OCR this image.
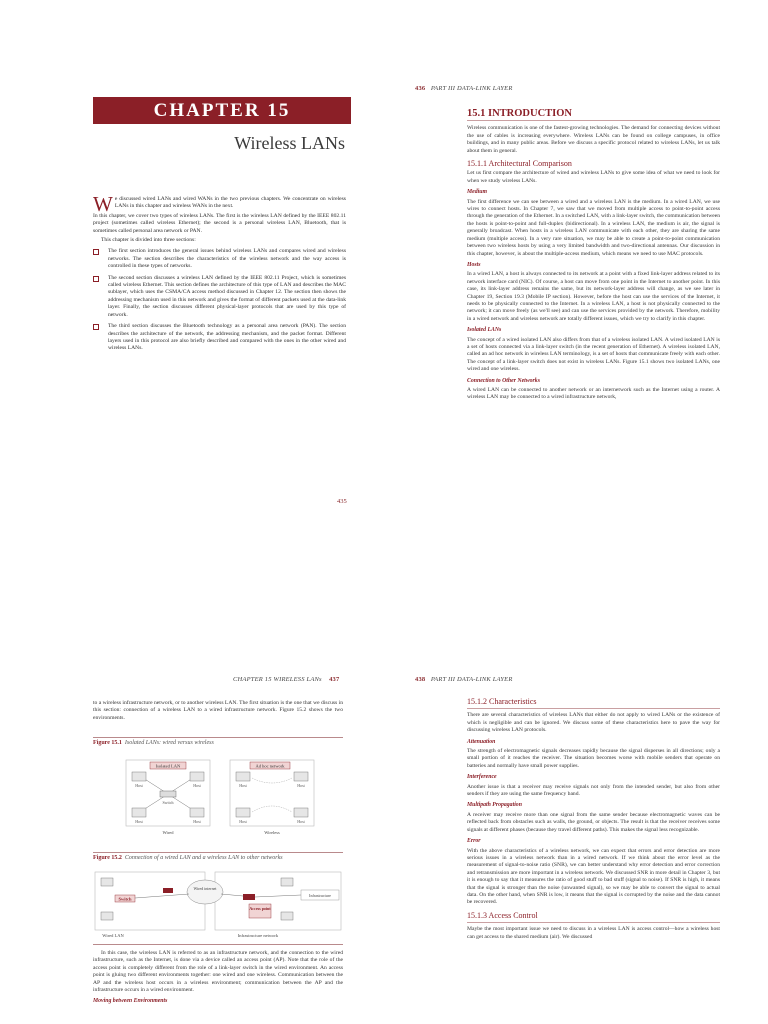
CHAPTER 15
Wireless LANs

We discussed wired LANs and wired WANs in the two previous chapters. We concentrate on wireless LANs in this chapter and wireless WANs in the next.

In this chapter, we cover two types of wireless LANs. The first is the wireless LAN defined by the IEEE 802.11 project (sometimes called wireless Ethernet); the second is a personal wireless LAN, Bluetooth, that is sometimes called personal area network or PAN.

This chapter is divided into three sections:

The first section introduces the general issues behind wireless LANs and compares wired and wireless networks. The section describes the characteristics of the wireless network and the way access is controlled in these types of networks.
The second section discusses a wireless LAN defined by the IEEE 802.11 Project, which is sometimes called wireless Ethernet. This section defines the architecture of this type of LAN and describes the MAC sublayer, which uses the CSMA/CA access method discussed in Chapter 12. The section then shows the addressing mechanism used in this network and gives the format of different packets used at the data-link layer. Finally, the section discusses different physical-layer protocols that are used by this type of network.
The third section discusses the Bluetooth technology as a personal area network (PAN). The section describes the architecture of the network, the addressing mechanism, and the packet format. Different layers used in this protocol are also briefly described and compared with the ones in the other wired and wireless LANs.
435
436 PART III DATA-LINK LAYER
15.1 INTRODUCTION

Wireless communication is one of the fastest-growing technologies. The demand for connecting devices without the use of cables is increasing everywhere. Wireless LANs can be found on college campuses, in office buildings, and in many public areas. Before we discuss a specific protocol related to wireless LANs, let us talk about them in general.

15.1.1 Architectural Comparison

Let us first compare the architecture of wired and wireless LANs to give some idea of what we need to look for when we study wireless LANs.

Medium

The first difference we can see between a wired and a wireless LAN is the medium. In a wired LAN, we use wires to connect hosts. In Chapter 7, we saw that we moved from multiple access to point-to-point access through the generation of the Ethernet. In a switched LAN, with a link-layer switch, the communication between the hosts is point-to-point and full-duplex (bidirectional). In a wireless LAN, the medium is air, the signal is generally broadcast. When hosts in a wireless LAN communicate with each other, they are sharing the same medium (multiple access). In a very rare situation, we may be able to create a point-to-point communication between two wireless hosts by using a very limited bandwidth and two-directional antennas. Our discussion in this chapter, however, is about the multiple-access medium, which means we need to use MAC protocols.

Hosts

In a wired LAN, a host is always connected to its network at a point with a fixed link-layer address related to its network interface card (NIC). Of course, a host can move from one point in the Internet to another point. In this case, its link-layer address remains the same, but its network-layer address will change, as we see later in Chapter 19, Section 19.3 (Mobile IP section). However, before the host can use the services of the Internet, it needs to be physically connected to the Internet. In a wireless LAN, a host is not physically connected to the network; it can move freely (as we'll see) and can use the services provided by the network. Therefore, mobility in a wired network and wireless network are totally different issues, which we try to clarify in this chapter.

Isolated LANs

The concept of a wired isolated LAN also differs from that of a wireless isolated LAN. A wired isolated LAN is a set of hosts connected via a link-layer switch (in the recent generation of Ethernet). A wireless isolated LAN, called an ad hoc network in wireless LAN terminology, is a set of hosts that communicate freely with each other. The concept of a link-layer switch does not exist in wireless LANs. Figure 15.1 shows two isolated LANs, one wired and one wireless.

Connection to Other Networks

A wired LAN can be connected to another network or an internetwork such as the Internet using a router. A wireless LAN may be connected to a wired infrastructure network,

CHAPTER 15 WIRELESS LANs 437

to a wireless infrastructure network, or to another wireless LAN. The first situation is the one that we discuss in this section: connection of a wireless LAN to a wired infrastructure network. Figure 15.2 shows the two environments.

Figure 15.1 Isolated LANs: wired versus wireless
Isolated LAN	Ad hoc network
Switch
Host	Host
Host	Host
Host	Host
Host	Host
Wired	Wireless
Figure 15.2 Connection of a wired LAN and a wireless LAN to other networks
Wired internet
Switch
Access point
Infrastructure
Wired LAN	Infrastructure network

In this case, the wireless LAN is referred to as an infrastructure network, and the connection to the wired infrastructure, such as the Internet, is done via a device called an access point (AP). Note that the role of the access point is completely different from the role of a link-layer switch in the wired environment. An access point is gluing two different environments together: one wired and one wireless. Communication between the AP and the wireless host occurs in a wireless environment; communication between the AP and the infrastructure occurs in a wired environment.

Moving between Environments
438 PART III DATA-LINK LAYER
15.1.2 Characteristics

There are several characteristics of wireless LANs that either do not apply to wired LANs or the existence of which is negligible and can be ignored. We discuss some of these characteristics here to pave the way for discussing wireless LAN protocols.

Attenuation

The strength of electromagnetic signals decreases rapidly because the signal disperses in all directions; only a small portion of it reaches the receiver. The situation becomes worse with mobile senders that operate on batteries and normally have small power supplies.

Interference

Another issue is that a receiver may receive signals not only from the intended sender, but also from other senders if they are using the same frequency band.

Multipath Propagation

A receiver may receive more than one signal from the same sender because electromagnetic waves can be reflected back from obstacles such as walls, the ground, or objects. The result is that the receiver receives some signals at different phases (because they travel different paths). This makes the signal less recognizable.

Error

With the above characteristics of a wireless network, we can expect that errors and error detection are more serious issues in a wireless network than in a wired network. If we think about the error level as the measurement of signal-to-noise ratio (SNR), we can better understand why error detection and error correction and retransmission are more important in a wireless network. We discussed SNR in more detail in Chapter 3, but it is enough to say that it measures the ratio of good stuff to bad stuff (signal to noise). If SNR is high, it means that the signal is stronger than the noise (unwanted signal), so we may be able to convert the signal to actual data. On the other hand, when SNR is low, it means that the signal is corrupted by the noise and the data cannot be recovered.

15.1.3 Access Control

Maybe the most important issue we need to discuss in a wireless LAN is access control—how a wireless host can get access to the shared medium (air). We discussed
